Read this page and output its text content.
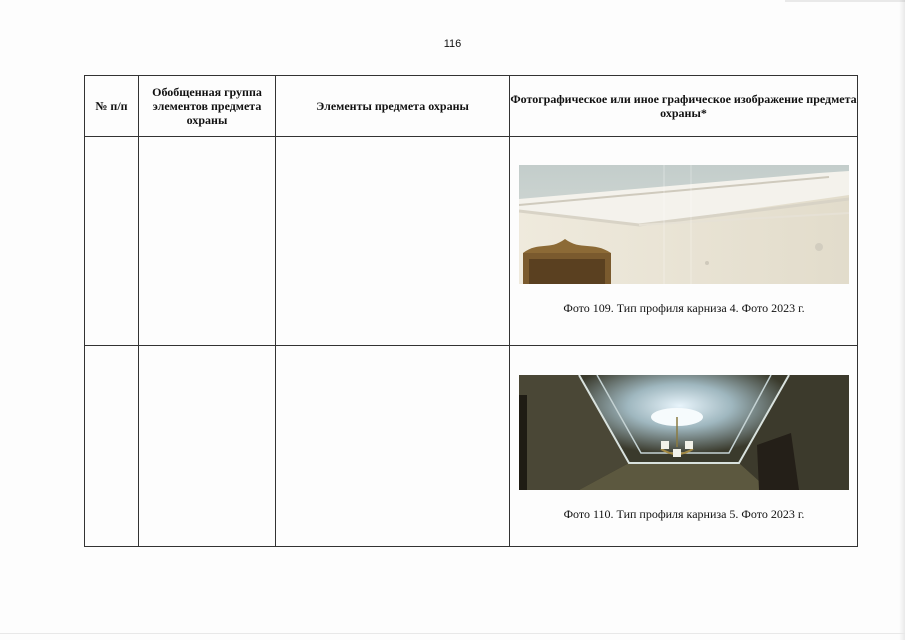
116
№ п/п	Обобщенная группа элементов предмета охраны	Элементы предмета охраны	Фотографическое или иное графическое изображение предмета охраны*

			Фото 109. Тип профиля карниза 4. Фото 2023 г.

			Фото 110. Тип профиля карниза 5. Фото 2023 г.
